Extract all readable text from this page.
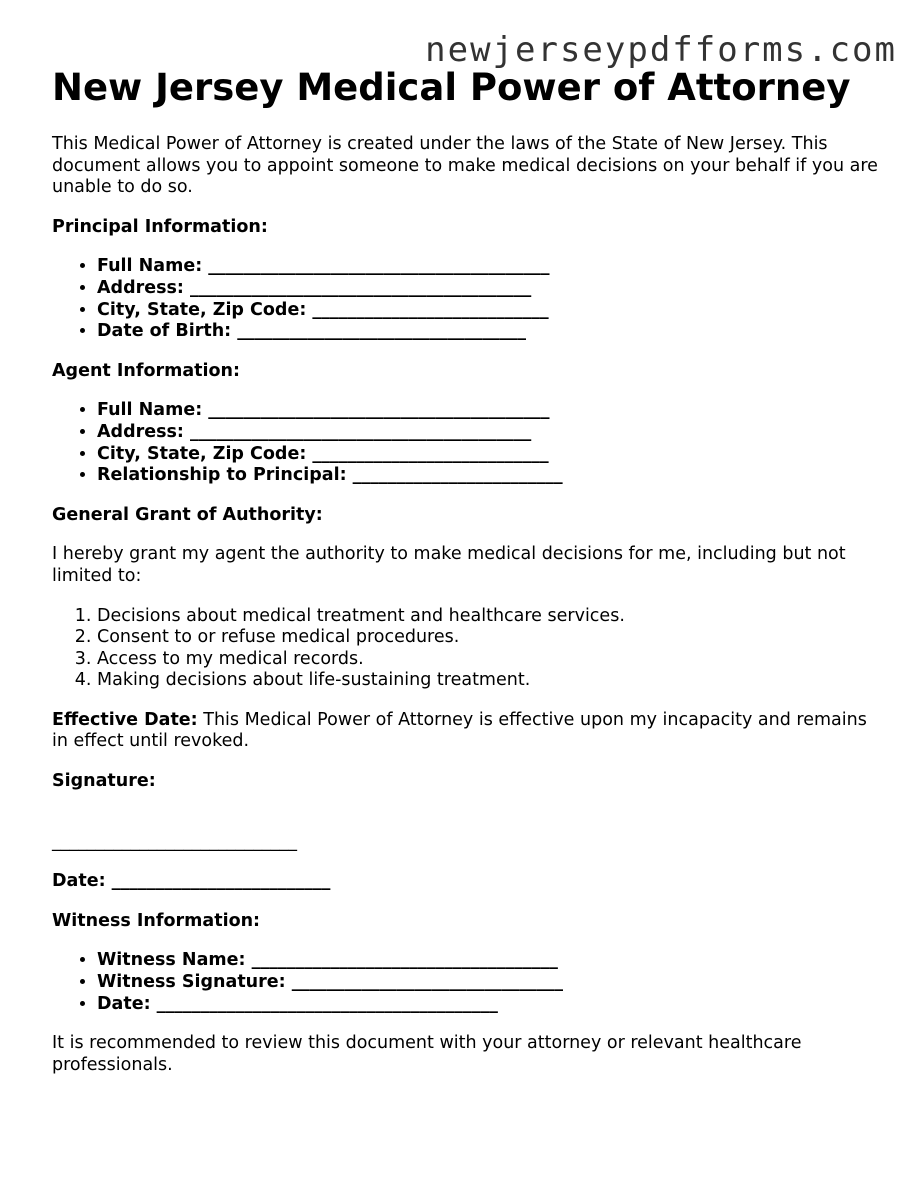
newjerseypdfforms.com
New Jersey Medical Power of Attorney

This Medical Power of Attorney is created under the laws of the State of New Jersey. This document allows you to appoint someone to make medical decisions on your behalf if you are unable to do so.

Principal Information:

• Full Name: _______________________________________
• Address: _______________________________________
• City, State, Zip Code: ___________________________
• Date of Birth: _________________________________

Agent Information:

• Full Name: _______________________________________
• Address: _______________________________________
• City, State, Zip Code: ___________________________
• Relationship to Principal: ________________________

General Grant of Authority:

I hereby grant my agent the authority to make medical decisions for me, including but not limited to:

1. Decisions about medical treatment and healthcare services.
2. Consent to or refuse medical procedures.
3. Access to my medical records.
4. Making decisions about life-sustaining treatment.

Effective Date: This Medical Power of Attorney is effective upon my incapacity and remains in effect until revoked.

Signature:

____________________________

Date: _________________________

Witness Information:

• Witness Name: ___________________________________
• Witness Signature: _______________________________
• Date: _______________________________________

It is recommended to review this document with your attorney or relevant healthcare professionals.
